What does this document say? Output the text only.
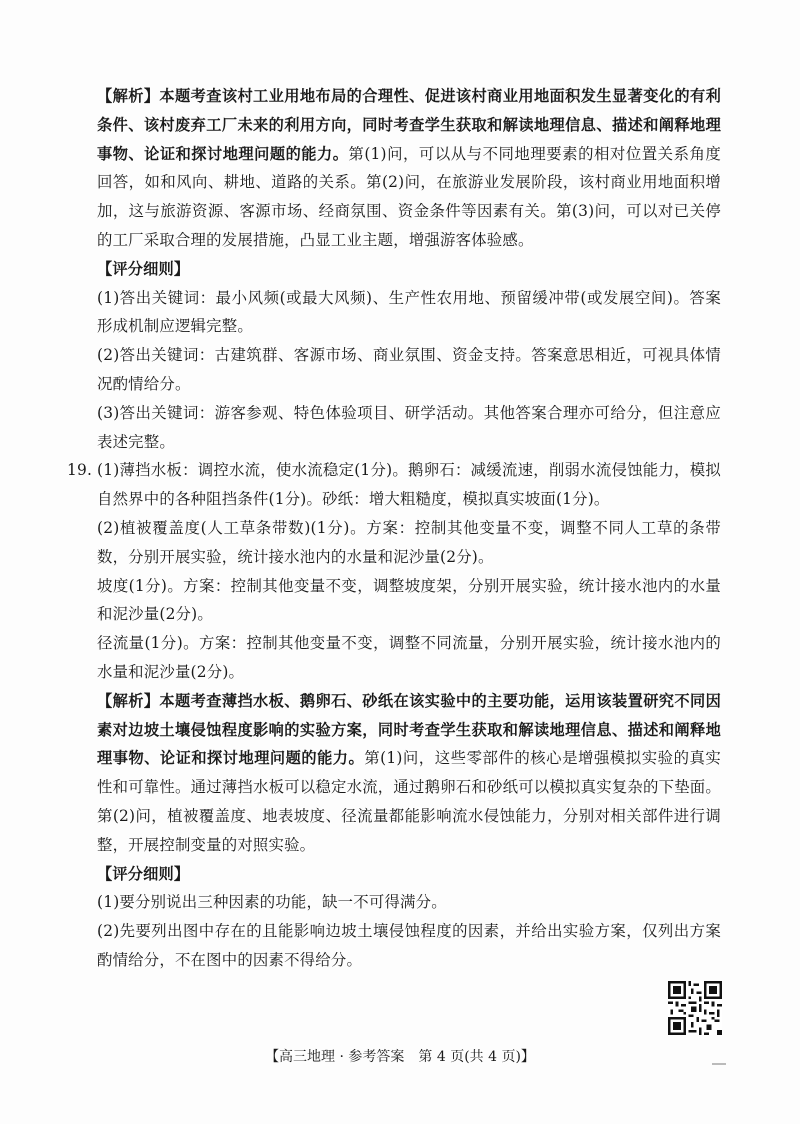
【解析】本题考查该村工业用地布局的合理性、促进该村商业用地面积发生显著变化的有利条件、该村废弃工厂未来的利用方向，同时考查学生获取和解读地理信息、描述和阐释地理事物、论证和探讨地理问题的能力。第(1)问，可以从与不同地理要素的相对位置关系角度回答，如和风向、耕地、道路的关系。第(2)问，在旅游业发展阶段，该村商业用地面积增加，这与旅游资源、客源市场、经商氛围、资金条件等因素有关。第(3)问，可以对已关停的工厂采取合理的发展措施，凸显工业主题，增强游客体验感。

【评分细则】

(1)答出关键词：最小风频(或最大风频)、生产性农用地、预留缓冲带(或发展空间)。答案形成机制应逻辑完整。

(2)答出关键词：古建筑群、客源市场、商业氛围、资金支持。答案意思相近，可视具体情况酌情给分。

(3)答出关键词：游客参观、特色体验项目、研学活动。其他答案合理亦可给分，但注意应表述完整。

19. (1)薄挡水板：调控水流，使水流稳定(1分)。鹅卵石：减缓流速，削弱水流侵蚀能力，模拟自然界中的各种阻挡条件(1分)。砂纸：增大粗糙度，模拟真实坡面(1分)。

(2)植被覆盖度(人工草条带数)(1分)。方案：控制其他变量不变，调整不同人工草的条带数，分别开展实验，统计接水池内的水量和泥沙量(2分)。

坡度(1分)。方案：控制其他变量不变，调整坡度架，分别开展实验，统计接水池内的水量和泥沙量(2分)。

径流量(1分)。方案：控制其他变量不变，调整不同流量，分别开展实验，统计接水池内的水量和泥沙量(2分)。

【解析】本题考查薄挡水板、鹅卵石、砂纸在该实验中的主要功能，运用该装置研究不同因素对边坡土壤侵蚀程度影响的实验方案，同时考查学生获取和解读地理信息、描述和阐释地理事物、论证和探讨地理问题的能力。第(1)问，这些零部件的核心是增强模拟实验的真实性和可靠性。通过薄挡水板可以稳定水流，通过鹅卵石和砂纸可以模拟真实复杂的下垫面。第(2)问，植被覆盖度、地表坡度、径流量都能影响流水侵蚀能力，分别对相关部件进行调整，开展控制变量的对照实验。

【评分细则】

(1)要分别说出三种因素的功能，缺一不可得满分。

(2)先要列出图中存在的且能影响边坡土壤侵蚀程度的因素，并给出实验方案，仅列出方案酌情给分，不在图中的因素不得给分。

【高三地理 · 参考答案　第 4 页(共 4 页)】
